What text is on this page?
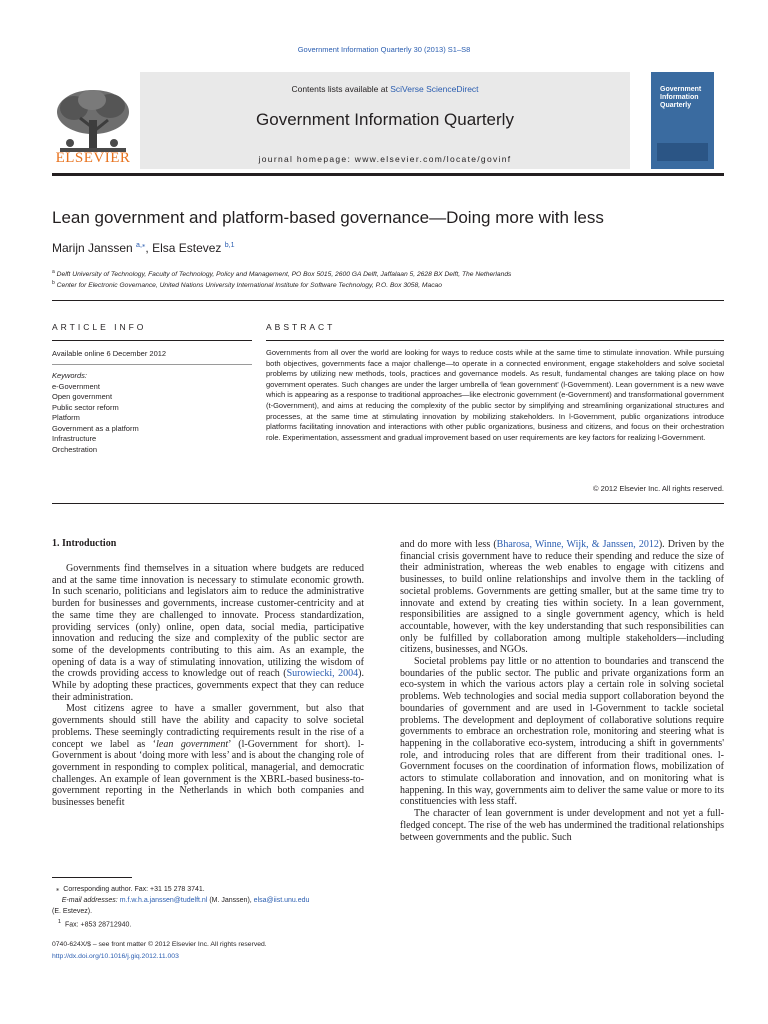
Government Information Quarterly 30 (2013) S1–S8
Contents lists available at SciVerse ScienceDirect
Government Information Quarterly
journal homepage: www.elsevier.com/locate/govinf
ELSEVIER
Government Information Quarterly
Lean government and platform-based governance—Doing more with less
Marijn Janssen $^{a,⁎}$, Elsa Estevez $^{b,1}$
$^a$ Delft University of Technology, Faculty of Technology, Policy and Management, PO Box 5015, 2600 GA Delft, Jaffalaan 5, 2628 BX Delft, The Netherlands
$^b$ Center for Electronic Governance, United Nations University International Institute for Software Technology, P.O. Box 3058, Macao
ARTICLE INFO
Available online 6 December 2012
Keywords:
e-Government
Open government
Public sector reform
Platform
Government as a platform
Infrastructure
Orchestration
ABSTRACT
Governments from all over the world are looking for ways to reduce costs while at the same time to stimulate innovation. While pursuing both objectives, governments face a major challenge—to operate in a connected environment, engage stakeholders and solve societal problems by utilizing new methods, tools, practices and governance models. As result, fundamental changes are taking place on how government operates. Such changes are under the larger umbrella of ‘lean government’ (l-Government). Lean government is a new wave which is appearing as a response to traditional approaches—like electronic government (e-Government) and transformational government (t-Government), and aims at reducing the complexity of the public sector by simplifying and streamlining organizational structures and processes, at the same time at stimulating innovation by mobilizing stakeholders. In l-Government, public organizations introduce platforms facilitating innovation and interactions with other public organizations, business and citizens, and focus on their orchestration role. Experimentation, assessment and gradual improvement based on user requirements are key factors for realizing l-Government.
© 2012 Elsevier Inc. All rights reserved.
1. Introduction

Governments find themselves in a situation where budgets are reduced and at the same time innovation is necessary to stimulate economic growth. In such scenario, politicians and legislators aim to reduce the administrative burden for businesses and governments, increase customer-centricity and at the same time they are challenged to innovate. Process standardization, providing services (only) online, open data, social media, participative innovation and reducing the size and complexity of the public sector are some of the developments contributing to this aim. As an example, the opening of data is a way of stimulating innovation, utilizing the wisdom of the crowds providing access to knowledge out of reach (Surowiecki, 2004). While by adopting these practices, governments expect that they can reduce their administration.

Most citizens agree to have a smaller government, but also that governments should still have the ability and capacity to solve societal problems. These seemingly contradicting requirements result in the rise of a concept we label as ‘lean government’ (l-Government for short). l-Government is about ‘doing more with less’ and is about the changing role of government in responding to complex political, managerial, and democratic challenges. An example of lean government is the XBRL-based business-to-government reporting in the Netherlands in which both companies and businesses benefit

and do more with less (Bharosa, Winne, Wijk, & Janssen, 2012). Driven by the financial crisis government have to reduce their spending and reduce the size of their administration, whereas the web enables to engage with citizens and businesses, to build online relationships and involve them in the tackling of societal problems. Governments are getting smaller, but at the same time try to innovate and extend by creating ties within society. In a lean government, responsibilities are assigned to a single government agency, which is held accountable, however, with the key understanding that such responsibilities can only be fulfilled by collaboration among multiple stakeholders—including citizens, businesses, and NGOs.

Societal problems pay little or no attention to boundaries and transcend the boundaries of the public sector. The public and private organizations form an eco-system in which the various actors play a certain role in solving societal problems. Web technologies and social media support collaboration beyond the boundaries of government and are used in l-Government to tackle societal problems. The development and deployment of collaborative solutions require governments to embrace an orchestration role, monitoring and steering what is happening in the collaborative eco-system, introducing a shift in governments' role, and introducing roles that are different from their traditional ones. l-Government focuses on the coordination of information flows, mobilization of actors to stimulate collaboration and innovation, and on monitoring what is happening. In this way, governments aim to deliver the same value or more to its constituencies with less staff.

The character of lean government is under development and not yet a full-fledged concept. The rise of the web has undermined the traditional relationships between governments and the public. Such

⁎ Corresponding author. Fax: +31 15 278 3741.
E-mail addresses: m.f.w.h.a.janssen@tudelft.nl (M. Janssen), elsa@iist.unu.edu
(E. Estevez).
$^1$ Fax: +853 28712940.
0740-624X/$ – see front matter © 2012 Elsevier Inc. All rights reserved.
http://dx.doi.org/10.1016/j.giq.2012.11.003
